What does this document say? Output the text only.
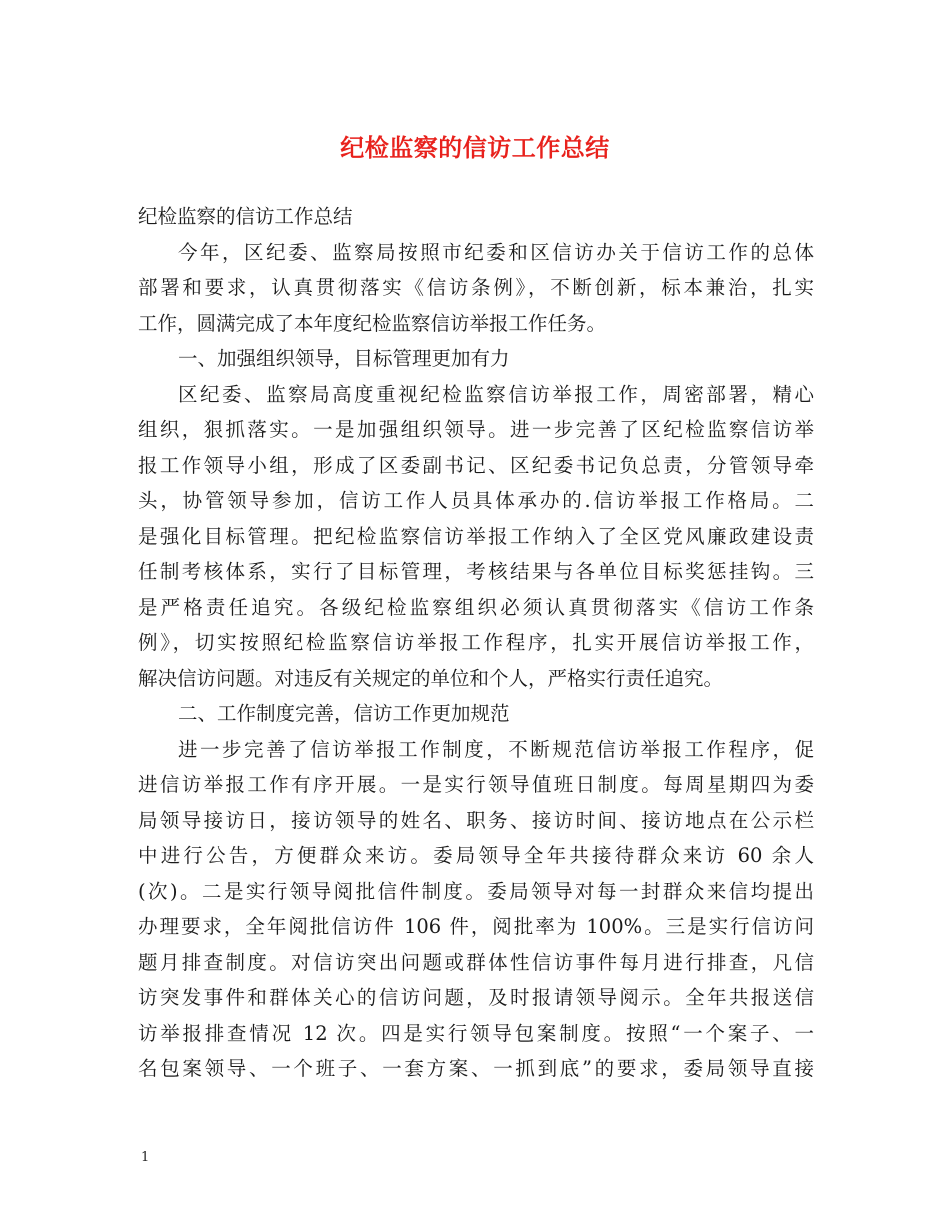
纪检监察的信访工作总结
纪检监察的信访工作总结
今年，区纪委、监察局按照市纪委和区信访办关于信访工作的总体
部署和要求，认真贯彻落实《信访条例》，不断创新，标本兼治，扎实
工作，圆满完成了本年度纪检监察信访举报工作任务。
一、加强组织领导，目标管理更加有力
区纪委、监察局高度重视纪检监察信访举报工作，周密部署，精心
组织，狠抓落实。一是加强组织领导。进一步完善了区纪检监察信访举
报工作领导小组，形成了区委副书记、区纪委书记负总责，分管领导牵
头，协管领导参加，信访工作人员具体承办的.信访举报工作格局。二
是强化目标管理。把纪检监察信访举报工作纳入了全区党风廉政建设责
任制考核体系，实行了目标管理，考核结果与各单位目标奖惩挂钩。三
是严格责任追究。各级纪检监察组织必须认真贯彻落实《信访工作条
例》，切实按照纪检监察信访举报工作程序，扎实开展信访举报工作，
解决信访问题。对违反有关规定的单位和个人，严格实行责任追究。
二、工作制度完善，信访工作更加规范
进一步完善了信访举报工作制度，不断规范信访举报工作程序，促
进信访举报工作有序开展。一是实行领导值班日制度。每周星期四为委
局领导接访日，接访领导的姓名、职务、接访时间、接访地点在公示栏
中进行公告，方便群众来访。委局领导全年共接待群众来访 60 余人
(次)。二是实行领导阅批信件制度。委局领导对每一封群众来信均提出
办理要求，全年阅批信访件 106 件，阅批率为 100%。三是实行信访问
题月排查制度。对信访突出问题或群体性信访事件每月进行排查，凡信
访突发事件和群体关心的信访问题，及时报请领导阅示。全年共报送信
访举报排查情况 12 次。四是实行领导包案制度。按照“一个案子、一
名包案领导、一个班子、一套方案、一抓到底”的要求，委局领导直接
1
